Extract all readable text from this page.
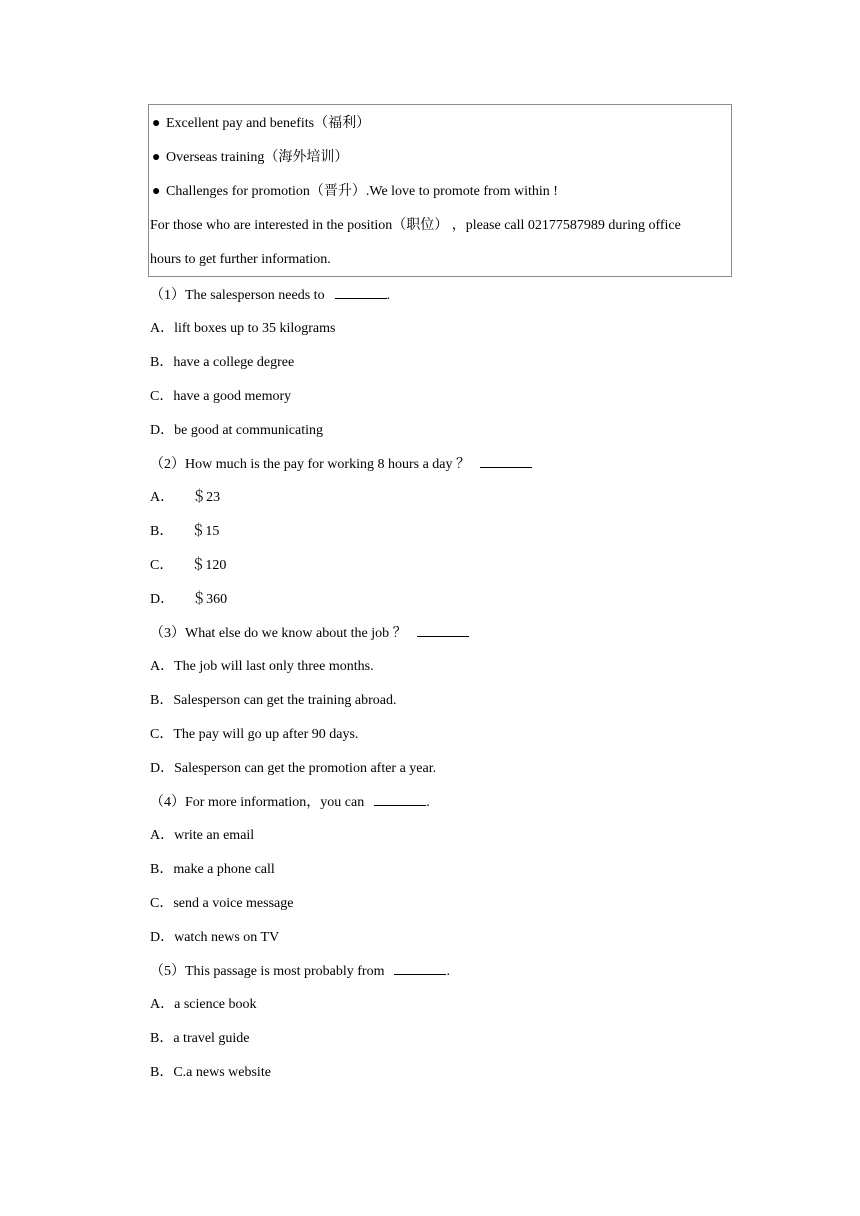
● Excellent pay and benefits（福利）
● Overseas training（海外培训）
● Challenges for promotion（晋升）.We love to promote from within !
For those who are interested in the position（职位） ，please call 02177587989 during office
hours to get further information.
（1）The salesperson needs to	.
A．lift boxes up to 35 kilograms
B．have a college degree
C．have a good memory
D．be good at communicating
（2）How much is the pay for working 8 hours a day ？
A． ＄23
B． ＄15
C． ＄120
D． ＄360
（3）What else do we know about the job ？
A．The job will last only three months.
B．Salesperson can get the training abroad.
C．The pay will go up after 90 days.
D．Salesperson can get the promotion after a year.
（4）For more information，you can	.
A．write an email
B．make a phone call
C．send a voice message
D．watch news on TV
（5）This passage is most probably from	.
A．a science book
B．a travel guide
B．C.a news website
